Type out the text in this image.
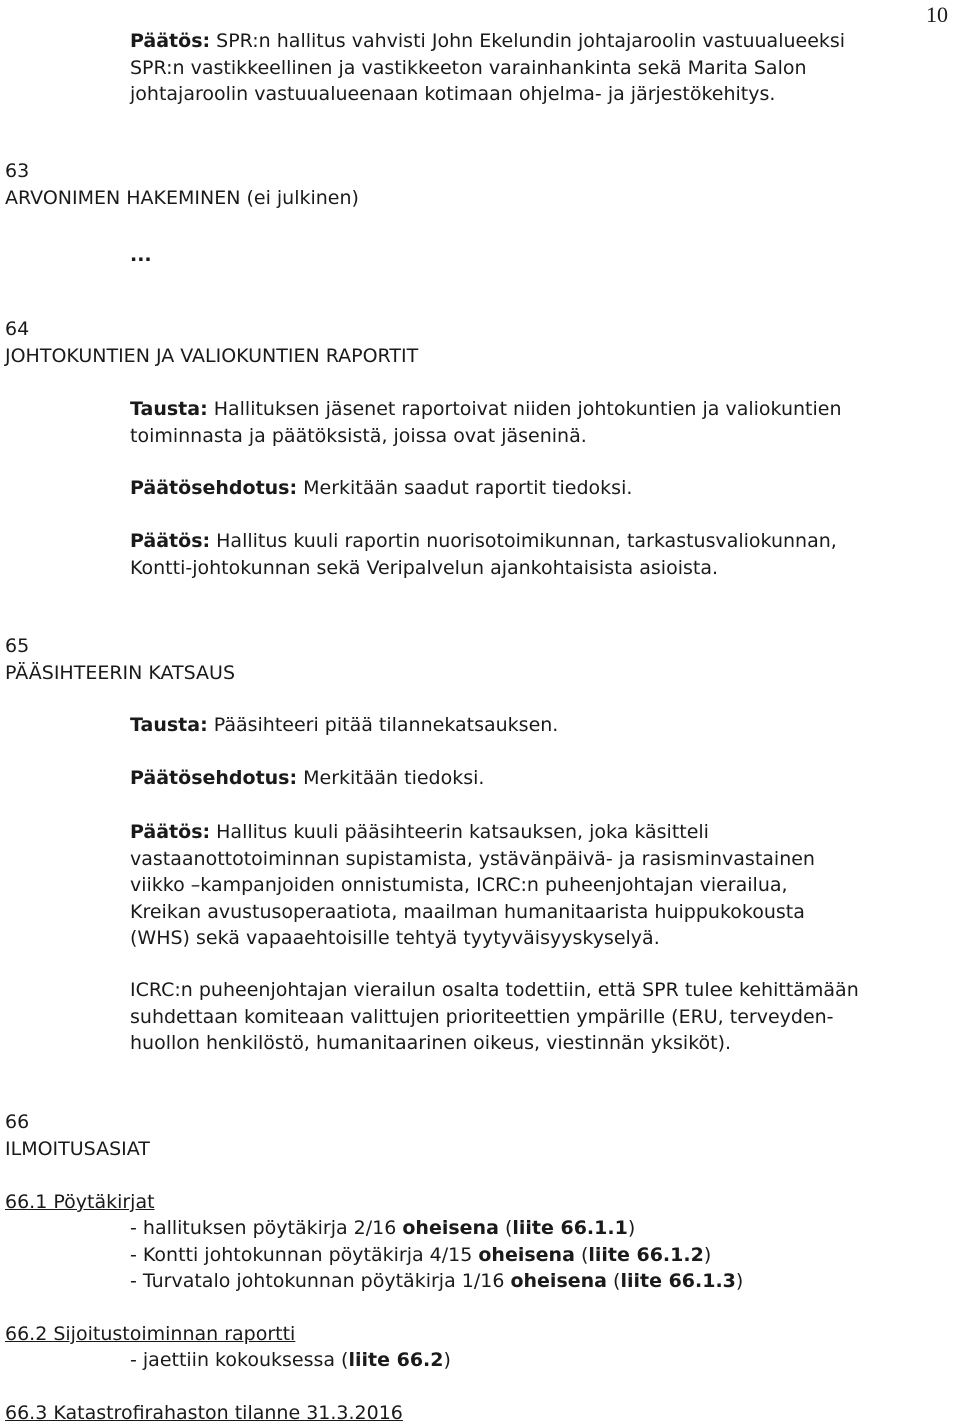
10
Päätös: SPR:n hallitus vahvisti John Ekelundin johtajaroolin vastuualueeksi
SPR:n vastikkeellinen ja vastikkeeton varainhankinta sekä Marita Salon
johtajaroolin vastuualueenaan kotimaan ohjelma- ja järjestökehitys.
63
ARVONIMEN HAKEMINEN (ei julkinen)
...
64
JOHTOKUNTIEN JA VALIOKUNTIEN RAPORTIT
Tausta: Hallituksen jäsenet raportoivat niiden johtokuntien ja valiokuntien
toiminnasta ja päätöksistä, joissa ovat jäseninä.
Päätösehdotus: Merkitään saadut raportit tiedoksi.
Päätös: Hallitus kuuli raportin nuorisotoimikunnan, tarkastusvaliokunnan,
Kontti-johtokunnan sekä Veripalvelun ajankohtaisista asioista.
65
PÄÄSIHTEERIN KATSAUS
Tausta: Pääsihteeri pitää tilannekatsauksen.
Päätösehdotus: Merkitään tiedoksi.
Päätös: Hallitus kuuli pääsihteerin katsauksen, joka käsitteli
vastaanottotoiminnan supistamista, ystävänpäivä- ja rasisminvastainen
viikko –kampanjoiden onnistumista, ICRC:n puheenjohtajan vierailua,
Kreikan avustusoperaatiota, maailman humanitaarista huippukokousta
(WHS) sekä vapaaehtoisille tehtyä tyytyväisyyskyselyä.
ICRC:n puheenjohtajan vierailun osalta todettiin, että SPR tulee kehittämään
suhdettaan komiteaan valittujen prioriteettien ympärille (ERU, terveyden-
huollon henkilöstö, humanitaarinen oikeus, viestinnän yksiköt).
66
ILMOITUSASIAT
66.1 Pöytäkirjat
- hallituksen pöytäkirja 2/16 oheisena (liite 66.1.1)
- Kontti johtokunnan pöytäkirja 4/15 oheisena (liite 66.1.2)
- Turvatalo johtokunnan pöytäkirja 1/16 oheisena (liite 66.1.3)
66.2 Sijoitustoiminnan raportti
- jaettiin kokouksessa (liite 66.2)
66.3 Katastrofirahaston tilanne 31.3.2016
